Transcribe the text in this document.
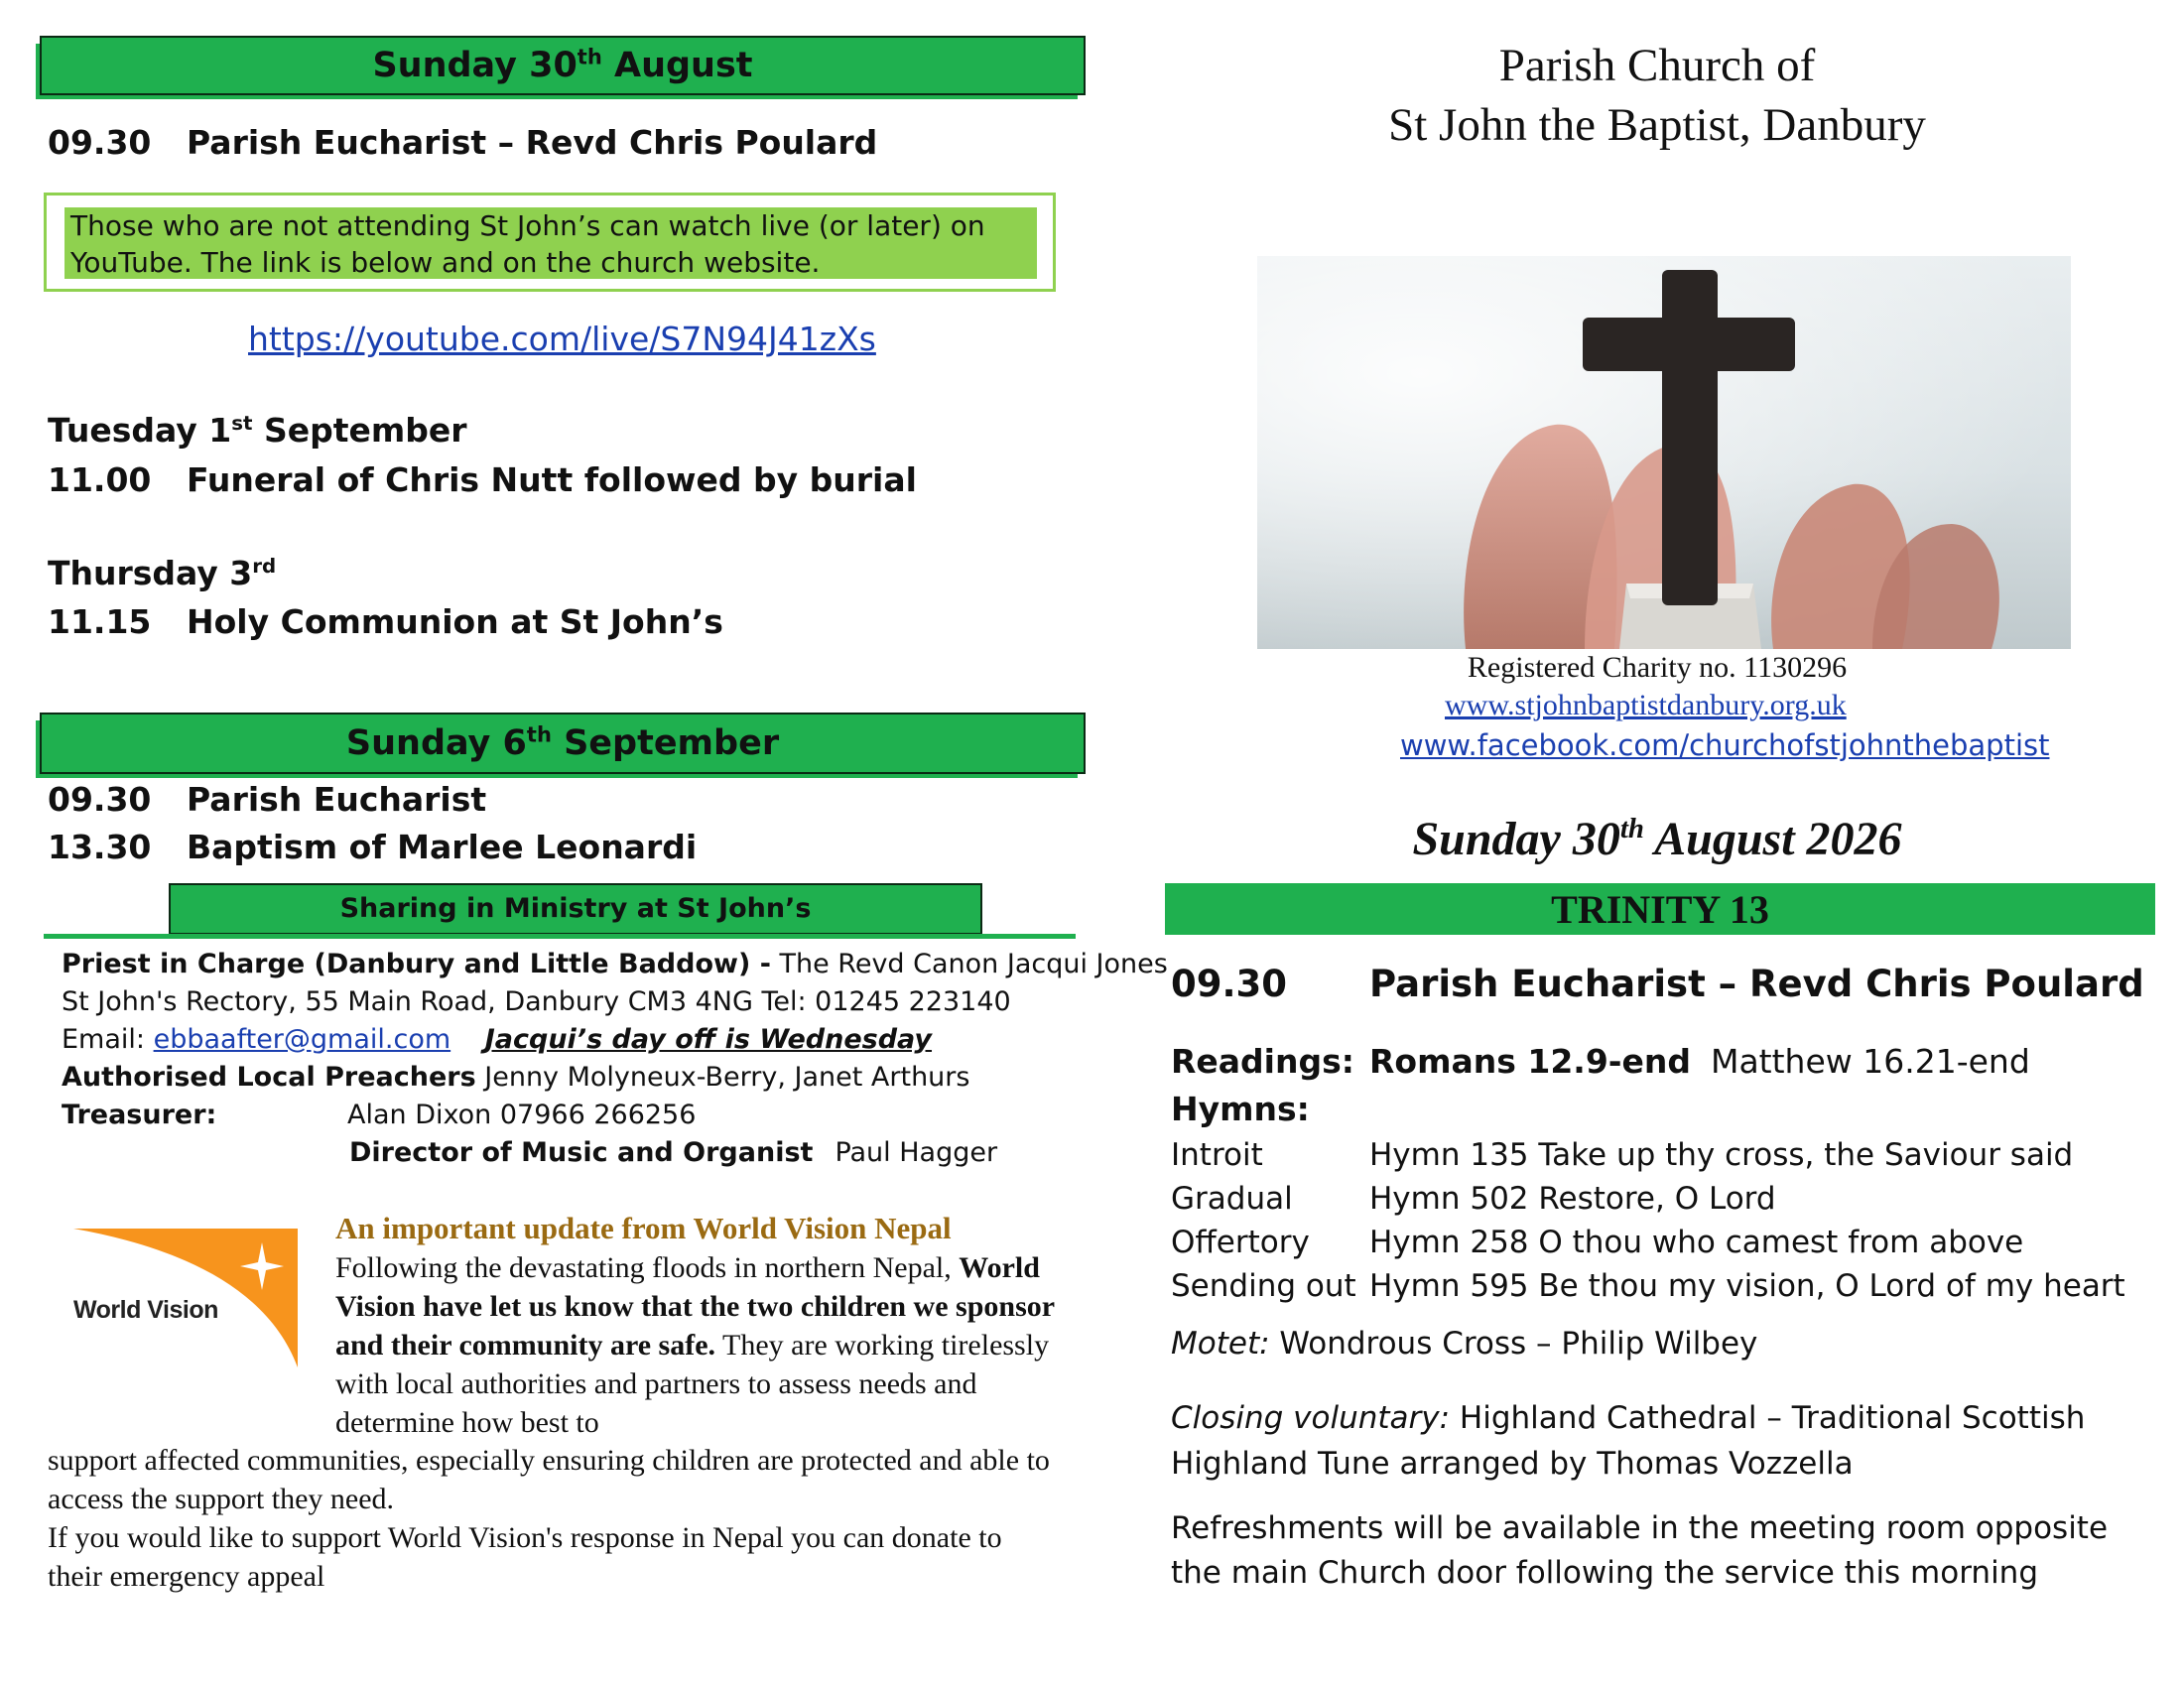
Sunday 30th August
09.30 Parish Eucharist – Revd Chris Poulard
Those who are not attending St John’s can watch live (or later) on YouTube. The link is below and on the church website.
https://youtube.com/live/S7N94J41zXs
Tuesday 1st September
11.00 Funeral of Chris Nutt followed by burial
Thursday 3rd
11.15 Holy Communion at St John’s
Sunday 6th September
09.30 Parish Eucharist
13.30 Baptism of Marlee Leonardi
Sharing in Ministry at St John’s
Priest in Charge (Danbury and Little Baddow) - The Revd Canon Jacqui Jones
St John's Rectory, 55 Main Road, Danbury CM3 4NG Tel: 01245 223140
Email: ebbaafter@gmail.com Jacqui’s day off is Wednesday
Authorised Local Preachers Jenny Molyneux-Berry, Janet Arthurs
Treasurer:	Alan Dixon 07966 266256
Director of Music and Organist Paul Hagger
World Vision
An important update from World Vision Nepal
Following the devastating floods in northern Nepal, World Vision have let us know that the two children we sponsor and their community are safe. They are working tirelessly with local authorities and partners to assess needs and determine how best to
support affected communities, especially ensuring children are protected and able to access the support they need.
If you would like to support World Vision's response in Nepal you can donate to their emergency appeal
Parish Church of
St John the Baptist, Danbury
Registered Charity no. 1130296
www.stjohnbaptistdanbury.org.uk
www.facebook.com/churchofstjohnthebaptist
Sunday 30th August 2026
TRINITY 13
09.30 Parish Eucharist – Revd Chris Poulard
Readings: Romans 12.9-end Matthew 16.21-end
Hymns:
Introit	Hymn 135 Take up thy cross, the Saviour said
Gradual Hymn 502 Restore, O Lord
Offertory Hymn 258 O thou who camest from above
Sending out Hymn 595 Be thou my vision, O Lord of my heart
Motet: Wondrous Cross – Philip Wilbey
Closing voluntary: Highland Cathedral – Traditional Scottish
Highland Tune arranged by Thomas Vozzella
Refreshments will be available in the meeting room opposite the main Church door following the service this morning
